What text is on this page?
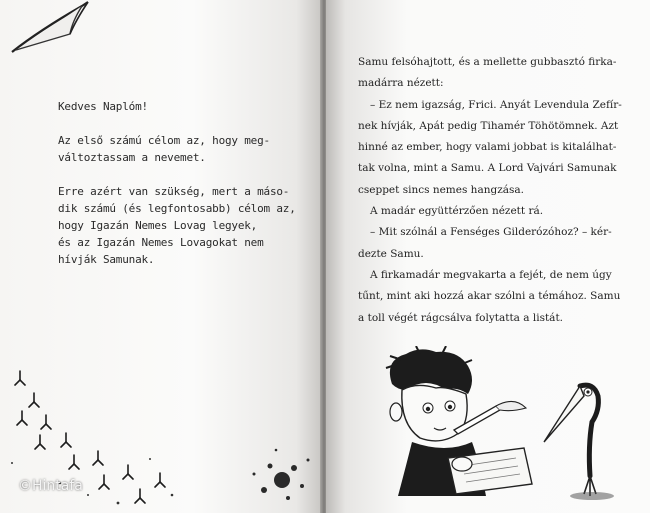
Kedves Naplóm!

Az első számú célom az, hogy meg-
változtassam a nevemet.

Erre azért van szükség, mert a máso-
dik számú (és legfontosabb) célom az,
hogy Igazán Nemes Lovag legyek,
és az Igazán Nemes Lovagokat nem
hívják Samunak.

Samu felsóhajtott, és a mellette gubbasztó firka-
madárra nézett:
– Ez nem igazság, Frici. Anyát Levendula Zefír-
nek hívják, Apát pedig Tihamér Töhötömnek. Azt
hinné az ember, hogy valami jobbat is kitalálhat-
tak volna, mint a Samu. A Lord Vajvári Samunak
cseppet sincs nemes hangzása.
A madár együttérzően nézett rá.
– Mit szólnál a Fenséges Gilderózóhoz? – kér-
dezte Samu.
A firkamadár megvakarta a fejét, de nem úgy
tűnt, mint aki hozzá akar szólni a témához. Samu
a toll végét rágcsálva folytatta a listát.
©Hintafa
